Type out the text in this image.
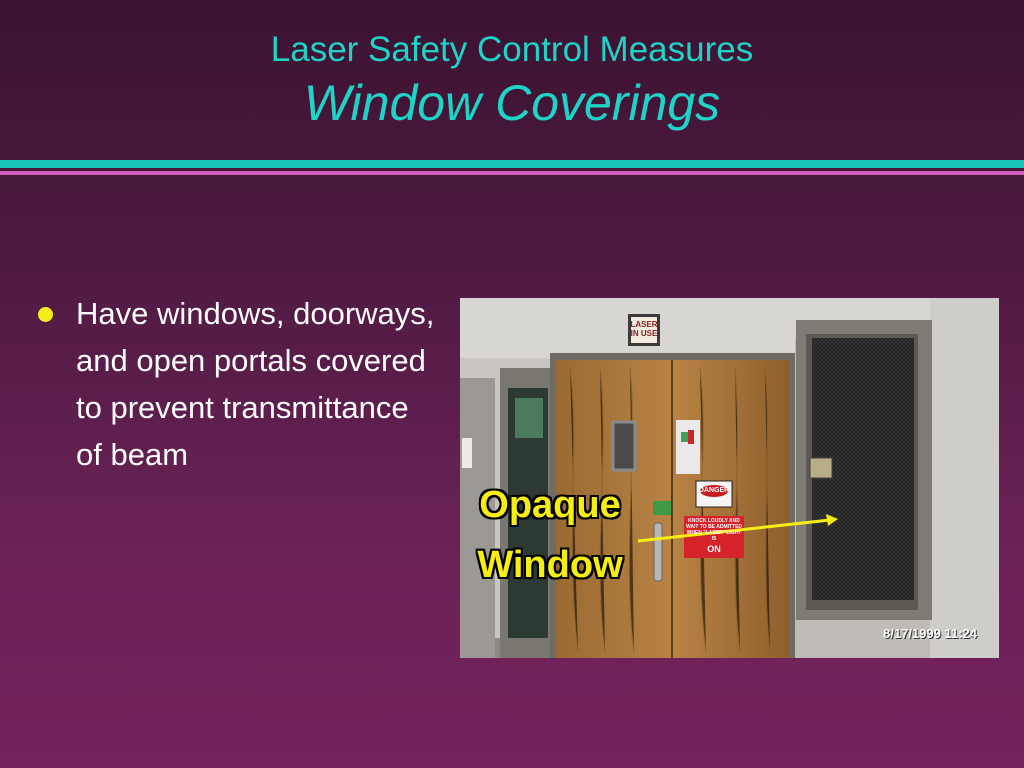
Laser Safety Control Measures
Window Coverings
Have windows, doorways, and open portals covered to prevent transmittance of beam
LASER
IN USE
DANGER
KNOCK LOUDLY AND WAIT TO BE ADMITTED WHEN "LASER" LIGHT IS
ON
Opaque
Window
8/17/1999 11:24
